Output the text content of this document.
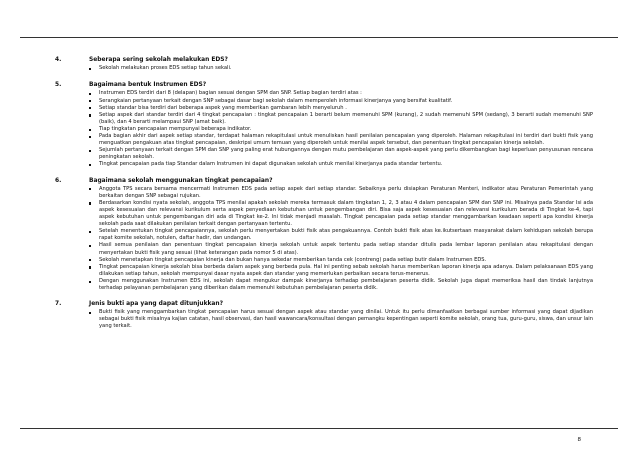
4.	Seberapa sering sekolah melakukan EDS?
Sekolah melakukan proses EDS setiap tahun sekali.
5.	Bagaimana bentuk Instrumen EDS?
Instrumen EDS terdiri dari 8 (delapan) bagian sesuai dengan SPM dan SNP. Setiap bagian terdiri atas :
Serangkaian pertanyaan terkait dengan SNP sebagai dasar bagi sekolah dalam memperoleh informasi kinerjanya yang bersifat kualitatif.
Setiap standar bisa terdiri dari beberapa aspek yang memberikan gambaran lebih menyeluruh .
Setiap aspek dari standar terdiri dari 4 tingkat pencapaian : tingkat pencapaian 1 berarti belum memenuhi SPM (kurang), 2 sudah memenuhi SPM (sedang), 3 berarti sudah memenuhi SNP (baik), dan 4 berarti melampaui SNP (amat baik).
Tiap tingkatan pencapaian mempunyai beberapa indikator.
Pada bagian akhir dari aspek setiap standar, terdapat halaman rekapitulasi untuk menuliskan hasil penilaian pencapaian yang diperoleh. Halaman rekapitulasi ini terdiri dari bukti fisik yang menguatkan pengakuan atas tingkat pencapaian, deskripsi umum temuan yang diperoleh untuk menilai aspek tersebut, dan penentuan tingkat pencapaian kinerja sekolah.
Sejumlah pertanyaan terkait dengan SPM dan SNP yang paling erat hubungannya dengan mutu pembelajaran dan aspek-aspek yang perlu dikembangkan bagi keperluan penyusunan rencana peningkatan sekolah.
Tingkat pencapaian pada tiap Standar dalam Instrumen ini dapat digunakan sekolah untuk menilai kinerjanya pada standar tertentu.
6.	Bagaimana sekolah menggunakan tingkat pencapaian?
Anggota TPS secara bersama mencermati Instrumen EDS pada setiap aspek dari setiap standar. Sebaiknya perlu disiapkan Peraturan Menteri, indikator atau Peraturan Pemerintah yang berkaitan dengan SNP sebagai rujukan.
Berdasarkan kondisi nyata sekolah, anggota TPS menilai apakah sekolah mereka termasuk dalam tingkatan 1, 2, 3 atau 4 dalam pencapaian SPM dan SNP ini. Misalnya pada Standar Isi ada aspek kesesuaian dan relevansi kurikulum serta aspek penyediaan kebutuhan untuk pengembangan diri. Bisa saja aspek kesesuaian dan relevansi kurikulum berada di Tingkat ke-4, tapi aspek kebutuhan untuk pengembangan diri ada di Tingkat ke-2. Ini tidak menjadi masalah. Tingkat pencapaian pada setiap standar menggambarkan keadaan seperti apa kondisi kinerja sekolah pada saat dilakukan penilaian terkait dengan pertanyaan tertentu.
Setelah menentukan tingkat pencapaiannya, sekolah perlu menyertakan bukti fisik atas pengakuannya. Contoh bukti fisik atas ke.ikutsertaan masyarakat dalam kehidupan sekolah berupa rapat komite sekolah, notulen, daftar hadir, dan undangan.
Hasil semua penilaian dan penentuan tingkat pencapaian kinerja sekolah untuk aspek tertentu pada setiap standar ditulis pada lembar laporan penilaian atau rekapitulasi dengan menyertakan bukti fisik yang sesuai (lihat keterangan pada nomor 5 di atas).
Sekolah menetapkan tingkat pencapaian kinerja dan bukan hanya sekedar memberikan tanda cek (contreng) pada setiap butir dalam Instrumen EDS.
Tingkat pencapaian kinerja sekolah bisa berbeda dalam aspek yang berbeda pula. Hal ini penting sebab sekolah harus memberikan laporan kinerja apa adanya. Dalam pelaksanaan EDS yang dilakukan setiap tahun, sekolah mempunyai dasar nyata aspek dan standar yang memerlukan perbaikan secara terus-menerus.
Dengan menggunakan Instrumen EDS ini, sekolah dapat mengukur dampak kinerjanya terhadap pembelajaran peserta didik. Sekolah juga dapat memeriksa hasil dan tindak lanjutnya terhadap pelayanan pembelajaran yang diberikan dalam memenuhi kebutuhan pembelajaran peserta didik.
7.	Jenis bukti apa yang dapat ditunjukkan?
Bukti fisik yang menggambarkan tingkat pencapaian harus sesuai dengan aspek atau standar yang dinilai. Untuk itu perlu dimanfaatkan berbagai sumber informasi yang dapat dijadikan sebagai bukti fisik misalnya kajian catatan, hasil observasi, dan hasil wawancara/konsultasi dengan pemangku kepentingan seperti komite sekolah, orang tua, guru-guru, siswa, dan unsur lain yang terkait.
8
